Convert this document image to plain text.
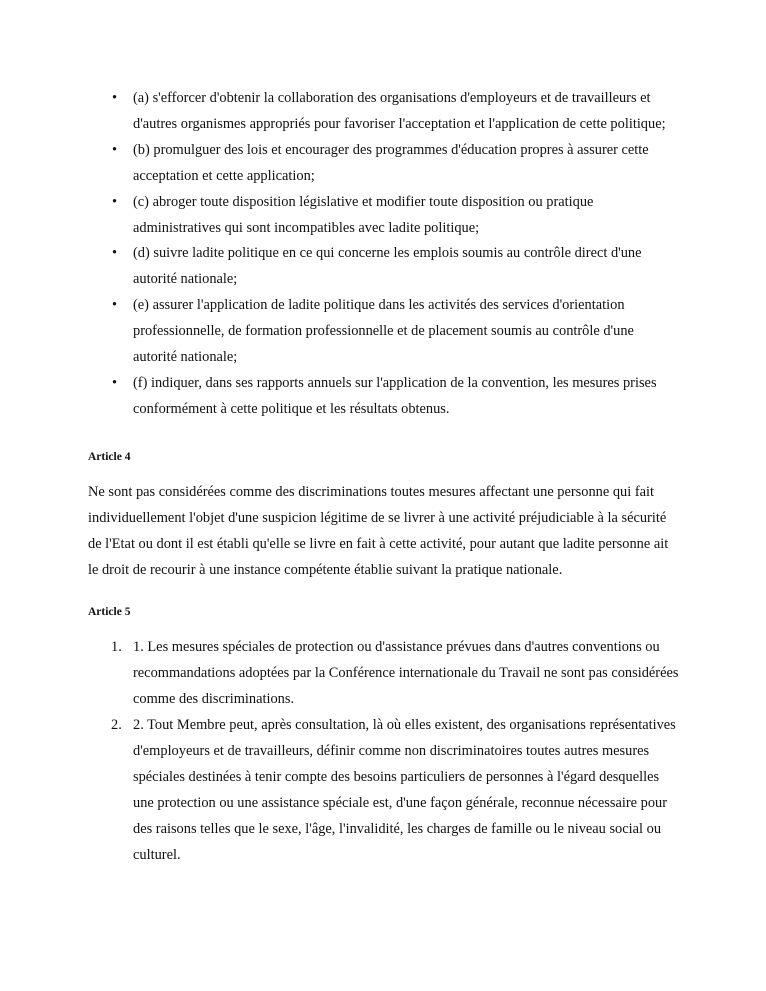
• (a) s'efforcer d'obtenir la collaboration des organisations d'employeurs et de travailleurs et d'autres organismes appropriés pour favoriser l'acceptation et l'application de cette politique;
• (b) promulguer des lois et encourager des programmes d'éducation propres à assurer cette acceptation et cette application;
• (c) abroger toute disposition législative et modifier toute disposition ou pratique administratives qui sont incompatibles avec ladite politique;
• (d) suivre ladite politique en ce qui concerne les emplois soumis au contrôle direct d'une autorité nationale;
• (e) assurer l'application de ladite politique dans les activités des services d'orientation professionnelle, de formation professionnelle et de placement soumis au contrôle d'une autorité nationale;
• (f) indiquer, dans ses rapports annuels sur l'application de la convention, les mesures prises conformément à cette politique et les résultats obtenus.
Article 4

Ne sont pas considérées comme des discriminations toutes mesures affectant une personne qui fait individuellement l'objet d'une suspicion légitime de se livrer à une activité préjudiciable à la sécurité de l'Etat ou dont il est établi qu'elle se livre en fait à cette activité, pour autant que ladite personne ait le droit de recourir à une instance compétente établie suivant la pratique nationale.

Article 5
1. 1. Les mesures spéciales de protection ou d'assistance prévues dans d'autres conventions ou recommandations adoptées par la Conférence internationale du Travail ne sont pas considérées comme des discriminations.
2. 2. Tout Membre peut, après consultation, là où elles existent, des organisations représentatives d'employeurs et de travailleurs, définir comme non discriminatoires toutes autres mesures spéciales destinées à tenir compte des besoins particuliers de personnes à l'égard desquelles une protection ou une assistance spéciale est, d'une façon générale, reconnue nécessaire pour des raisons telles que le sexe, l'âge, l'invalidité, les charges de famille ou le niveau social ou culturel.
